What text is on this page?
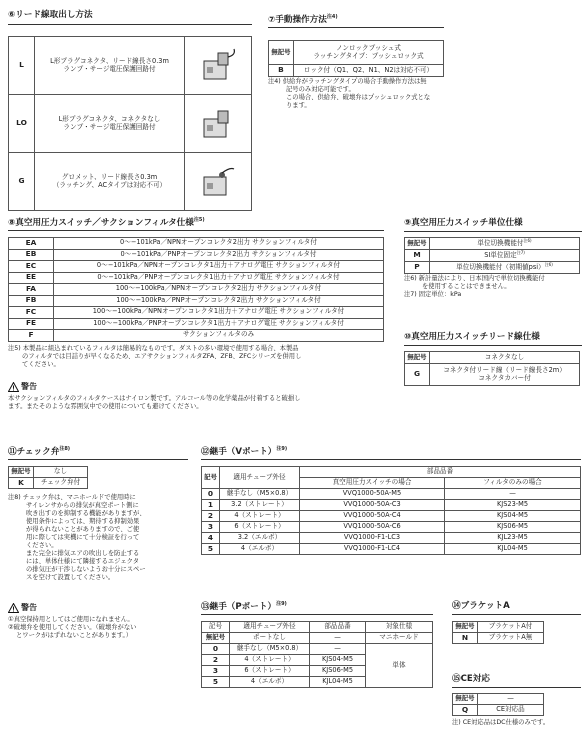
⑥リード線取出し方法
L	L形プラグコネクタ、リード線長さ0.3m
ランプ・サージ電圧保護回路付

LO	L形プラグコネクタ、コネクタなし
ランプ・サージ電圧保護回路付

G	グロメット、リード線長さ0.3m
（ラッチング、ACタイプは対応不可）

⑦手動操作方法$^{注4)}$
無記号	ノンロックプッシュ式
ラッチングタイプ：プッシュロック式

B	ロック付（Q1、Q2、N1、N2は対応不可）
注4) 供給弁がラッチングタイプの場合手動操作方法は無
記号のみ対応可能です。
この場合、供給弁、破壊弁はプッシュロック式とな
ります。
⑧真空用圧力スイッチ／サクションフィルタ仕様$^{注5)}$
EA	0〜−101kPa／NPNオープンコレクタ2出力 サクションフィルタ付
EB	0〜−101kPa／PNPオープンコレクタ2出力 サクションフィルタ付
EC	0〜−101kPa／NPNオープンコレクタ1出力＋アナログ電圧 サクションフィルタ付
EE	0〜−101kPa／PNPオープンコレクタ1出力＋アナログ電圧 サクションフィルタ付
FA	100〜−100kPa／NPNオープンコレクタ2出力 サクションフィルタ付
FB	100〜−100kPa／PNPオープンコレクタ2出力 サクションフィルタ付
FC	100〜−100kPa／NPNオープンコレクタ1出力＋アナログ電圧 サクションフィルタ付
FE	100〜−100kPa／PNPオープンコレクタ1出力＋アナログ電圧 サクションフィルタ付
F	サクションフィルタのみ
注5) 本製品に組込まれているフィルタは簡易的なものです。ダストの多い環境で使用する場合、本製品
のフィルタでは目詰りが早くなるため、エアサクションフィルタZFA、ZFB、ZFCシリーズを併用し
てください。
警告
本サクションフィルタのフィルタケースはナイロン製です。アルコール等の化学薬品が付着すると破損し
ます。またそのような雰囲気中での使用についても避けてください。
⑨真空用圧力スイッチ単位仕様
無記号	単位切換機能付$^{注6)}$
M	SI単位固定$^{注7)}$
P	単位切換機能付（初期値psi）$^{注6)}$
注6) 新計量法により、日本国内で単位切換機能付
を使用することはできません。
注7) 固定単位：kPa
⑩真空用圧力スイッチリード線仕様
無記号	コネクタなし
G	コネクタ付リード線（リード線長さ2m）
コネクタカバー付
⑪チェック弁$^{注8)}$
無記号	なし
K	チェック弁付
注8) チェック弁は、マニホールドで使用時に
サイレンサからの排気が真空ポート側に
吹き出すのを抑制する機能がありますが、
使用条件によっては、期待する抑制効果
が得られないことがありますので、ご使
用に際しては実機にて十分検証を行って
ください。
また完全に排気エアの吹出しを防止する
には、単体仕様にて隣接するエジェクタ
の排気圧が干渉しないようお十分にスペー
スを空けて設置してください。
警告
①真空保持用としてはご使用になれません。
②破壊弁を使用してください。（破壊弁がない
とワークがはずれないことがあります。）
⑫継手（Vポート）$^{注9)}$
記号	適用チューブ外径	部品品番	
		真空用圧力スイッチの場合	フィルタのみの場合
0	継手なし（M5×0.8）	VVQ1000-50A-M5	—
1	3.2（ストレート）	VVQ1000-50A-C3	KJS23-M5
2	4（ストレート）	VVQ1000-50A-C4	KJS04-M5
3	6（ストレート）	VVQ1000-50A-C6	KJS06-M5
4	3.2（エルボ）	VVQ1000-F1-LC3	KJL23-M5
5	4（エルボ）	VVQ1000-F1-LC4	KJL04-M5
⑬継手（Pポート）$^{注9)}$
記号	適用チューブ外径	部品品番	対象仕様
無記号	ポートなし	—	マニホールド
0	継手なし（M5×0.8）	—	単体
2	4（ストレート）	KJS04-M5	
3	6（ストレート）	KJS06-M5	
5	4（エルボ）	KJL04-M5	
⑭ブラケットA
無記号	ブラケットA付
N	ブラケットA無
⑮CE対応
無記号	—
Q	CE対応品
注) CE対応品はDC仕様のみです。
